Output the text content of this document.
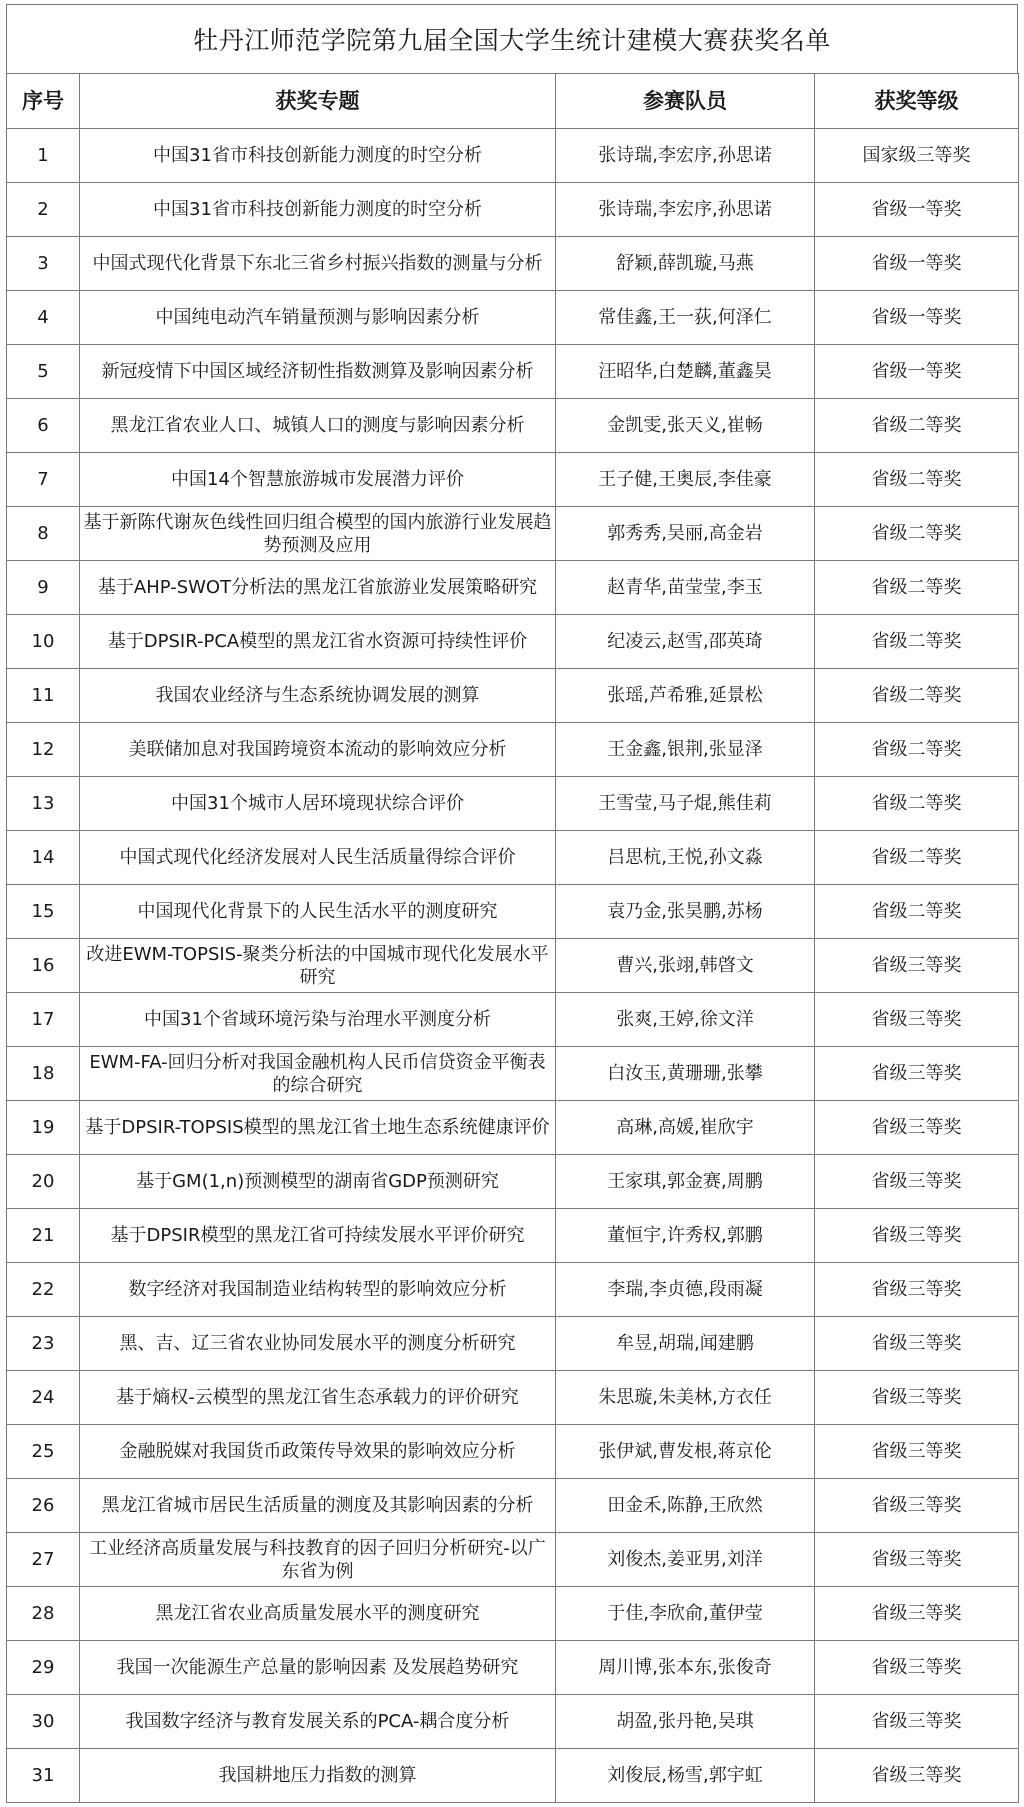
牡丹江师范学院第九届全国大学生统计建模大赛获奖名单
序号	获奖专题	参赛队员	获奖等级
1	中国31省市科技创新能力测度的时空分析	张诗瑞,李宏序,孙思诺	国家级三等奖
2	中国31省市科技创新能力测度的时空分析	张诗瑞,李宏序,孙思诺	省级一等奖
3	中国式现代化背景下东北三省乡村振兴指数的测量与分析	舒颖,薛凯璇,马燕	省级一等奖
4	中国纯电动汽车销量预测与影响因素分析	常佳鑫,王一荻,何泽仁	省级一等奖
5	新冠疫情下中国区域经济韧性指数测算及影响因素分析	汪昭华,白楚麟,董鑫昊	省级一等奖
6	黑龙江省农业人口、城镇人口的测度与影响因素分析	金凯雯,张天义,崔畅	省级二等奖
7	中国14个智慧旅游城市发展潜力评价	王子健,王奥辰,李佳豪	省级二等奖
8	基于新陈代谢灰色线性回归组合模型的国内旅游行业发展趋势预测及应用	郭秀秀,吴丽,高金岩	省级二等奖
9	基于AHP-SWOT分析法的黑龙江省旅游业发展策略研究	赵青华,苗莹莹,李玉	省级二等奖
10	基于DPSIR-PCA模型的黑龙江省水资源可持续性评价	纪凌云,赵雪,邵英琦	省级二等奖
11	我国农业经济与生态系统协调发展的测算	张瑶,芦希雅,延景松	省级二等奖
12	美联储加息对我国跨境资本流动的影响效应分析	王金鑫,银荆,张显泽	省级二等奖
13	中国31个城市人居环境现状综合评价	王雪莹,马子焜,熊佳莉	省级二等奖
14	中国式现代化经济发展对人民生活质量得综合评价	吕思杭,王悦,孙文淼	省级二等奖
15	中国现代化背景下的人民生活水平的测度研究	袁乃金,张昊鹏,苏杨	省级二等奖
16	改进EWM-TOPSIS-聚类分析法的中国城市现代化发展水平研究	曹兴,张翊,韩晵文	省级三等奖
17	中国31个省域环境污染与治理水平测度分析	张爽,王婷,徐文洋	省级三等奖
18	EWM-FA-回归分析对我国金融机构人民币信贷资金平衡表的综合研究	白汝玉,黄珊珊,张攀	省级三等奖
19	基于DPSIR-TOPSIS模型的黑龙江省土地生态系统健康评价	高琳,高媛,崔欣宇	省级三等奖
20	基于GM(1,n)预测模型的湖南省GDP预测研究	王家琪,郭金赛,周鹏	省级三等奖
21	基于DPSIR模型的黑龙江省可持续发展水平评价研究	董恒宇,许秀权,郭鹏	省级三等奖
22	数字经济对我国制造业结构转型的影响效应分析	李瑞,李贞德,段雨凝	省级三等奖
23	黑、吉、辽三省农业协同发展水平的测度分析研究	牟昱,胡瑞,闻建鹏	省级三等奖
24	基于熵权-云模型的黑龙江省生态承载力的评价研究	朱思璇,朱美林,方衣任	省级三等奖
25	金融脱媒对我国货币政策传导效果的影响效应分析	张伊斌,曹发根,蒋京伦	省级三等奖
26	黑龙江省城市居民生活质量的测度及其影响因素的分析	田金禾,陈静,王欣然	省级三等奖
27	工业经济高质量发展与科技教育的因子回归分析研究-以广东省为例	刘俊杰,姜亚男,刘洋	省级三等奖
28	黑龙江省农业高质量发展水平的测度研究	于佳,李欣俞,董伊莹	省级三等奖
29	我国一次能源生产总量的影响因素 及发展趋势研究	周川博,张本东,张俊奇	省级三等奖
30	我国数字经济与教育发展关系的PCA-耦合度分析	胡盈,张丹艳,吴琪	省级三等奖
31	我国耕地压力指数的测算	刘俊辰,杨雪,郭宇虹	省级三等奖
